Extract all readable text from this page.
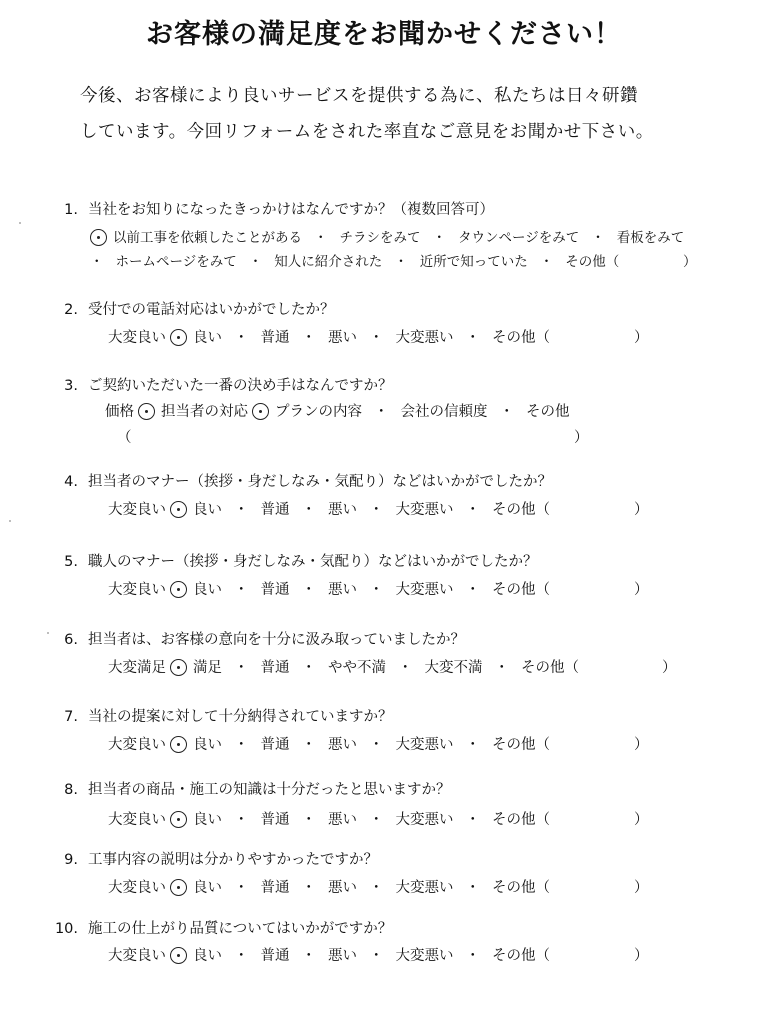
お客様の満足度をお聞かせください！
今後、お客様により良いサービスを提供する為に、私たちは日々研鑽
しています。今回リフォームをされた率直なご意見をお聞かせ下さい。
1. 当社をお知りになったきっかけはなんですか？（複数回答可）
以前工事を依頼したことがある ・ チラシをみて ・ タウンページをみて ・ 看板をみて
・ ホームページをみて ・ 知人に紹介された ・ 近所で知っていた ・ その他（	）
2. 受付での電話対応はいかがでしたか？
大変良い 良い ・ 普通 ・ 悪い ・ 大変悪い ・ その他（	）
4. 担当者のマナー（挨拶・身だしなみ・気配り）などはいかがでしたか？
大変良い 良い ・ 普通 ・ 悪い ・ 大変悪い ・ その他（	）
5. 職人のマナー（挨拶・身だしなみ・気配り）などはいかがでしたか？
大変良い 良い ・ 普通 ・ 悪い ・ 大変悪い ・ その他（	）
6. 担当者は、お客様の意向を十分に汲み取っていましたか？
大変満足 満足 ・ 普通 ・ やや不満 ・ 大変不満 ・ その他（	）
7. 当社の提案に対して十分納得されていますか？
大変良い 良い ・ 普通 ・ 悪い ・ 大変悪い ・ その他（	）
8. 担当者の商品・施工の知識は十分だったと思いますか？
大変良い 良い ・ 普通 ・ 悪い ・ 大変悪い ・ その他（	）
9. 工事内容の説明は分かりやすかったですか？
大変良い 良い ・ 普通 ・ 悪い ・ 大変悪い ・ その他（	）
10. 施工の仕上がり品質についてはいかがですか？
大変良い 良い ・ 普通 ・ 悪い ・ 大変悪い ・ その他（	）
3. ご契約いただいた一番の決め手はなんですか？
価格 担当者の対応 プランの内容 ・ 会社の信頼度 ・ その他
（	）
